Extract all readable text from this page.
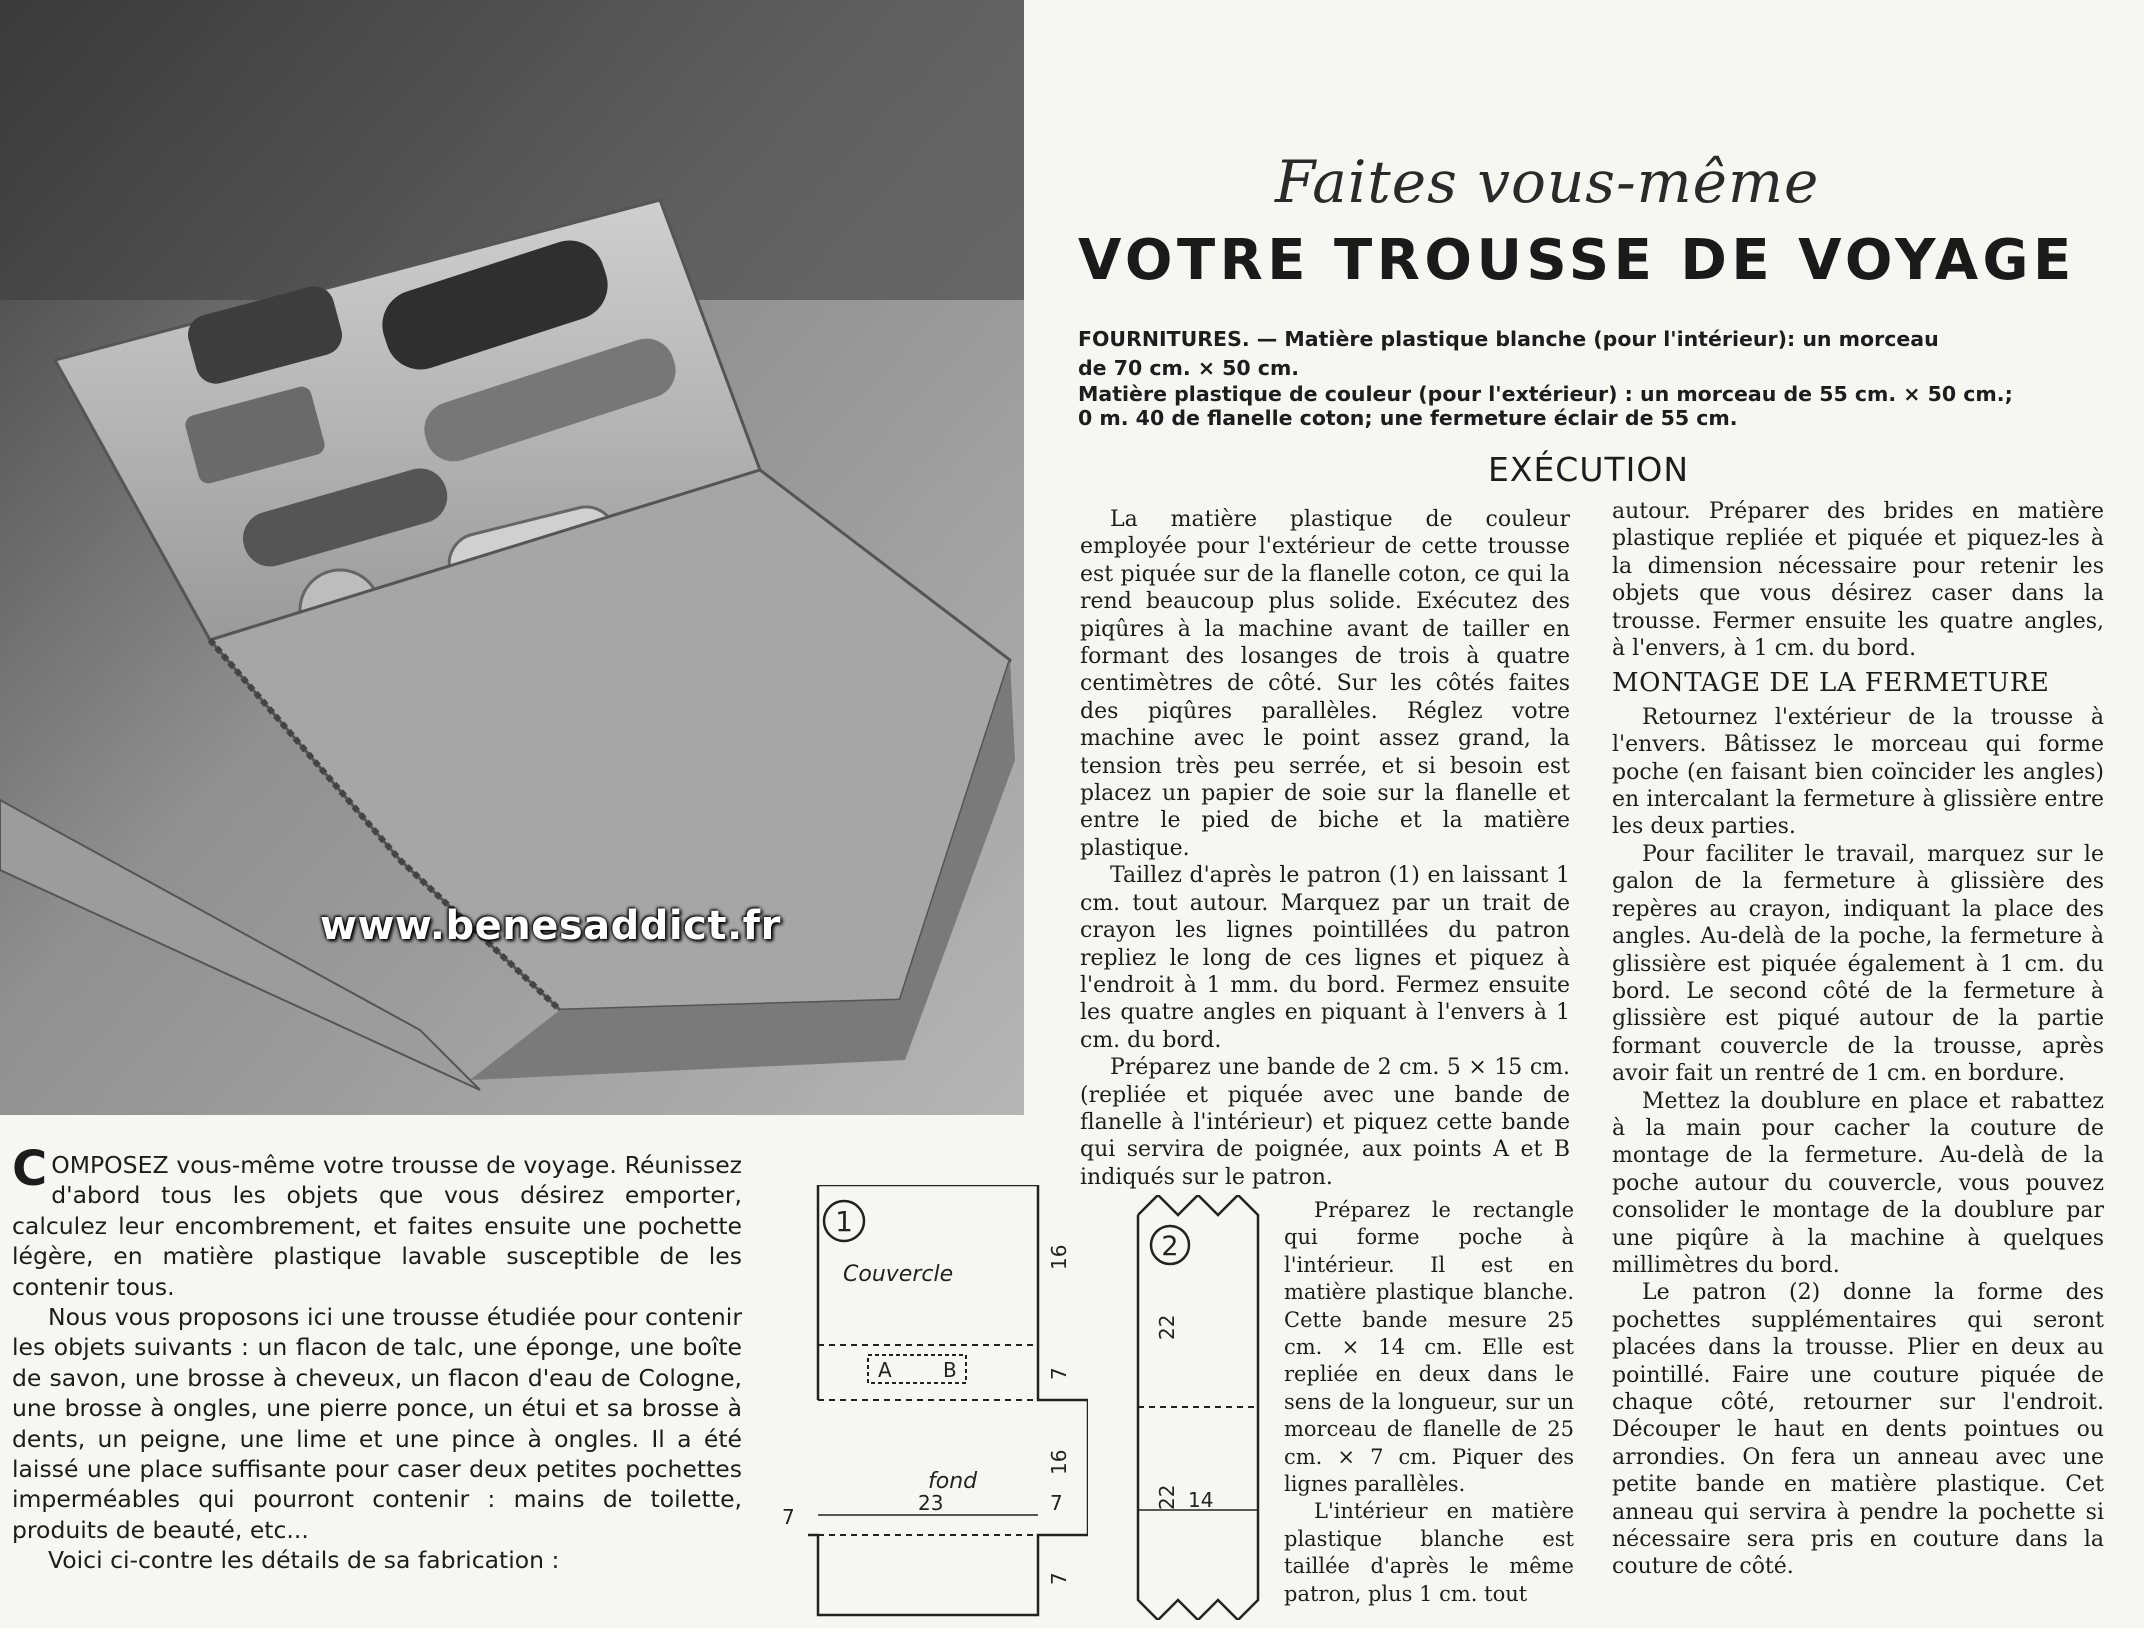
www.benesaddict.fr
Faites vous-même
VOTRE TROUSSE DE VOYAGE
FOURNITURES. — Matière plastique blanche (pour l'intérieur): un morceau
de 70 cm. × 50 cm.
Matière plastique de couleur (pour l'extérieur) : un morceau de 55 cm. × 50 cm.;
0 m. 40 de flanelle coton; une fermeture éclair de 55 cm.
EXÉCUTION

La matière plastique de couleur employée pour l'extérieur de cette trousse est piquée sur de la flanelle coton, ce qui la rend beaucoup plus solide. Exécutez des piqûres à la machine avant de tailler en formant des losanges de trois à quatre centimètres de côté. Sur les côtés faites des piqûres parallèles. Réglez votre machine avec le point assez grand, la tension très peu serrée, et si besoin est placez un papier de soie sur la flanelle et entre le pied de biche et la matière plastique.

Taillez d'après le patron (1) en laissant 1 cm. tout autour. Marquez par un trait de crayon les lignes pointillées du patron repliez le long de ces lignes et piquez à l'endroit à 1 mm. du bord. Fermez ensuite les quatre angles en piquant à l'envers à 1 cm. du bord.

Préparez une bande de 2 cm. 5 × 15 cm. (repliée et piquée avec une bande de flanelle à l'intérieur) et piquez cette bande qui servira de poignée, aux points A et B indiqués sur le patron.

Préparez le rectangle qui forme poche à l'intérieur. Il est en matière plastique blanche. Cette bande mesure 25 cm. × 14 cm. Elle est repliée en deux dans le sens de la longueur, sur un morceau de flanelle de 25 cm. × 7 cm. Piquer des lignes parallèles.

L'intérieur en matière plastique blanche est taillée d'après le même patron, plus 1 cm. tout

autour. Préparer des brides en matière plastique repliée et piquée et piquez-les à la dimension nécessaire pour retenir les objets que vous désirez caser dans la trousse. Fermer ensuite les quatre angles, à l'envers, à 1 cm. du bord.

MONTAGE DE LA FERMETURE

Retournez l'extérieur de la trousse à l'envers. Bâtissez le morceau qui forme poche (en faisant bien coïncider les angles) en intercalant la fermeture à glissière entre les deux parties.

Pour faciliter le travail, marquez sur le galon de la fermeture à glissière des repères au crayon, indiquant la place des angles. Au-delà de la poche, la fermeture à glissière est piquée également à 1 cm. du bord. Le second côté de la fermeture à glissière est piqué autour de la partie formant couvercle de la trousse, après avoir fait un rentré de 1 cm. en bordure.

Mettez la doublure en place et rabattez à la main pour cacher la couture de montage de la fermeture. Au-delà de la poche autour du couvercle, vous pouvez consolider le montage de la doublure par une piqûre à la machine à quelques millimètres du bord.

Le patron (2) donne la forme des pochettes supplémentaires qui seront placées dans la trousse. Plier en deux au pointillé. Faire une couture piquée de chaque côté, retourner sur l'endroit. Découper le haut en dents pointues ou arrondies. On fera un anneau avec une petite bande en matière plastique. Cet anneau qui servira à pendre la pochette si nécessaire sera pris en couture dans la couture de côté.

COMPOSEZ vous-même votre trousse de voyage. Réunissez d'abord tous les objets que vous désirez emporter, calculez leur encombrement, et faites ensuite une pochette légère, en matière plastique lavable susceptible de les contenir tous.

Nous vous proposons ici une trousse étudiée pour contenir les objets suivants : un flacon de talc, une éponge, une boîte de savon, une brosse à cheveux, un flacon d'eau de Cologne, une brosse à ongles, une pierre ponce, un étui et sa brosse à dents, un peigne, une lime et une pince à ongles. Il a été laissé une place suffisante pour caser deux petites pochettes imperméables qui pourront contenir : mains de toilette, produits de beauté, etc...

Voici ci-contre les détails de sa fabrication :

1
Couvercle
A	B
fond
16
7
16
7
23	7
7
2
22
22 14
